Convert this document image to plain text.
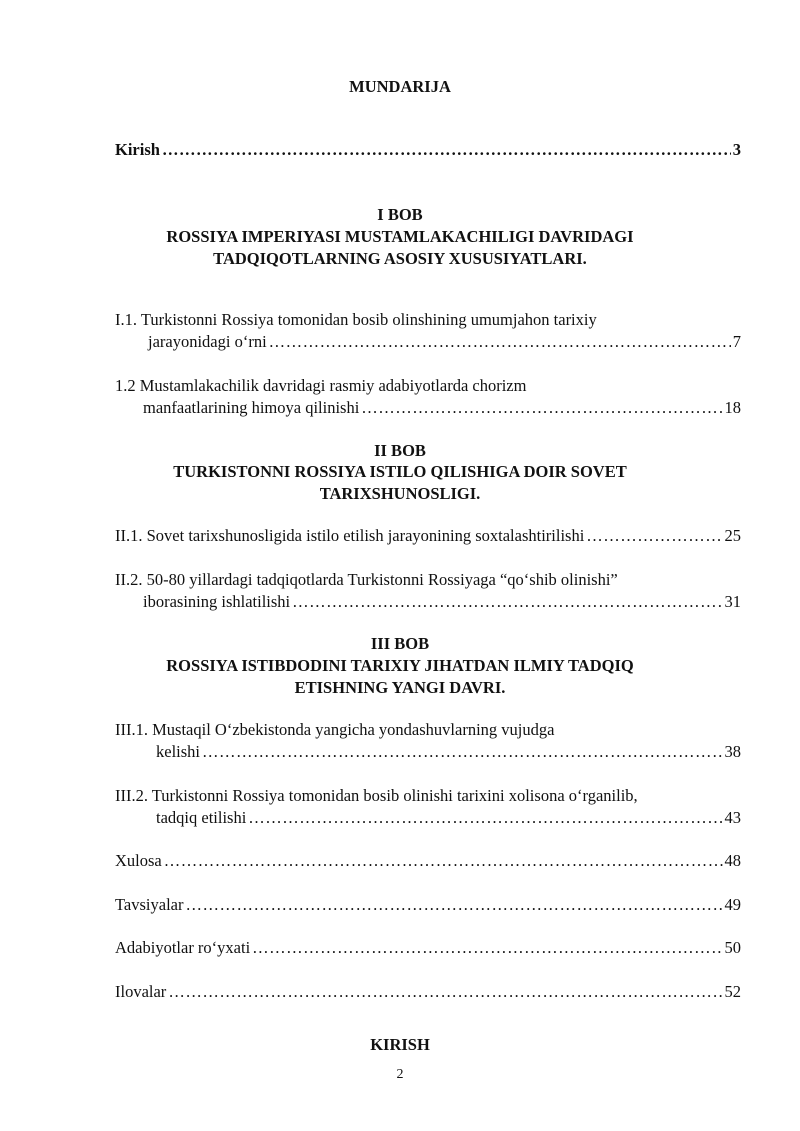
MUNDARIJA
Kirish …………………………………………………………………………………………………………………………………………………………………………………………	3
I BOB
ROSSIYA IMPERIYASI MUSTAMLAKACHILIGI DAVRIDAGI
TADQIQOTLARNING ASOSIY XUSUSIYATLARI.
I.1. Turkistonni Rossiya tomonidan bosib olinshining umumjahon tarixiy
jarayonidagi o‘rni …………………………………………………………………………………………………………………………………………………………………………………………	7
1.2 Mustamlakachilik davridagi rasmiy adabiyotlarda chorizm
manfaatlarining himoya qilinishi …………………………………………………………………………………………………………………………………………………………………………………………	18
II BOB
TURKISTONNI ROSSIYA ISTILO QILISHIGA DOIR SOVET
TARIXSHUNOSLIGI.
II.1. Sovet tarixshunosligida istilo etilish jarayonining soxtalashtirilishi …………………………………………………………………………………………………………………………………………………………………………………………	25
II.2. 50-80 yillardagi tadqiqotlarda Turkistonni Rossiyaga “qo‘shib olinishi”
iborasining ishlatilishi …………………………………………………………………………………………………………………………………………………………………………………………	31
III BOB
ROSSIYA ISTIBDODINI TARIXIY JIHATDAN ILMIY TADQIQ
ETISHNING YANGI DAVRI.
III.1. Mustaqil O‘zbekistonda yangicha yondashuvlarning vujudga
kelishi …………………………………………………………………………………………………………………………………………………………………………………………	38
III.2. Turkistonni Rossiya tomonidan bosib olinishi tarixini xolisona o‘rganilib,
tadqiq etilishi …………………………………………………………………………………………………………………………………………………………………………………………	43
Xulosa …………………………………………………………………………………………………………………………………………………………………………………………	48
Tavsiyalar …………………………………………………………………………………………………………………………………………………………………………………………	49
Adabiyotlar ro‘yxati …………………………………………………………………………………………………………………………………………………………………………………………	50
Ilovalar …………………………………………………………………………………………………………………………………………………………………………………………	52
KIRISH
2
